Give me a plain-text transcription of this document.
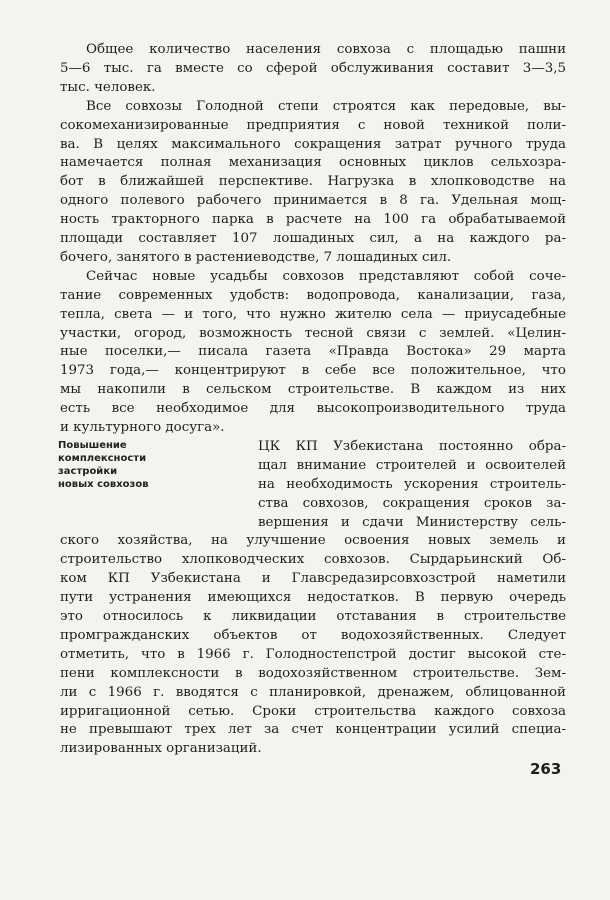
Общее количество населения совхоза с площадью пашни
5—6 тыс. га вместе со сферой обслуживания составит 3—3,5
тыс. человек.
Все совхозы Голодной степи строятся как передовые, вы-
сокомеханизированные предприятия с новой техникой поли-
ва. В целях максимального сокращения затрат ручного труда
намечается полная механизация основных циклов сельхозра-
бот в ближайшей перспективе. Нагрузка в хлопководстве на
одного полевого рабочего принимается в 8 га. Удельная мощ-
ность тракторного парка в расчете на 100 га обрабатываемой
площади составляет 107 лошадиных сил, а на каждого ра-
бочего, занятого в растениеводстве, 7 лошадиных сил.
Сейчас новые усадьбы совхозов представляют собой соче-
тание современных удобств: водопровода, канализации, газа,
тепла, света — и того, что нужно жителю села — приусадебные
участки, огород, возможность тесной связи с землей. «Целин-
ные поселки,— писала газета «Правда Востока» 29 марта
1973 года,— концентрируют в себе все положительное, что
мы накопили в сельском строительстве. В каждом из них
есть все необходимое для высокопроизводительного труда
и культурного досуга».
Повышение
комплексности
застройки
новых совхозов
ЦК КП Узбекистана постоянно обра-
щал внимание строителей и освоителей
на необходимость ускорения строитель-
ства совхозов, сокращения сроков за-
вершения и сдачи Министерству сель-
ского хозяйства, на улучшение освоения новых земель и
строительство хлопководческих совхозов. Сырдарьинский Об-
ком КП Узбекистана и Главсредазирсовхозстрой наметили
пути устранения имеющихся недостатков. В первую очередь
это относилось к ликвидации отставания в строительстве
промгражданских объектов от водохозяйственных. Следует
отметить, что в 1966 г. Голодностепстрой достиг высокой сте-
пени комплексности в водохозяйственном строительстве. Зем-
ли с 1966 г. вводятся с планировкой, дренажем, облицованной
ирригационной сетью. Сроки строительства каждого совхоза
не превышают трех лет за счет концентрации усилий специа-
лизированных организаций.
263
